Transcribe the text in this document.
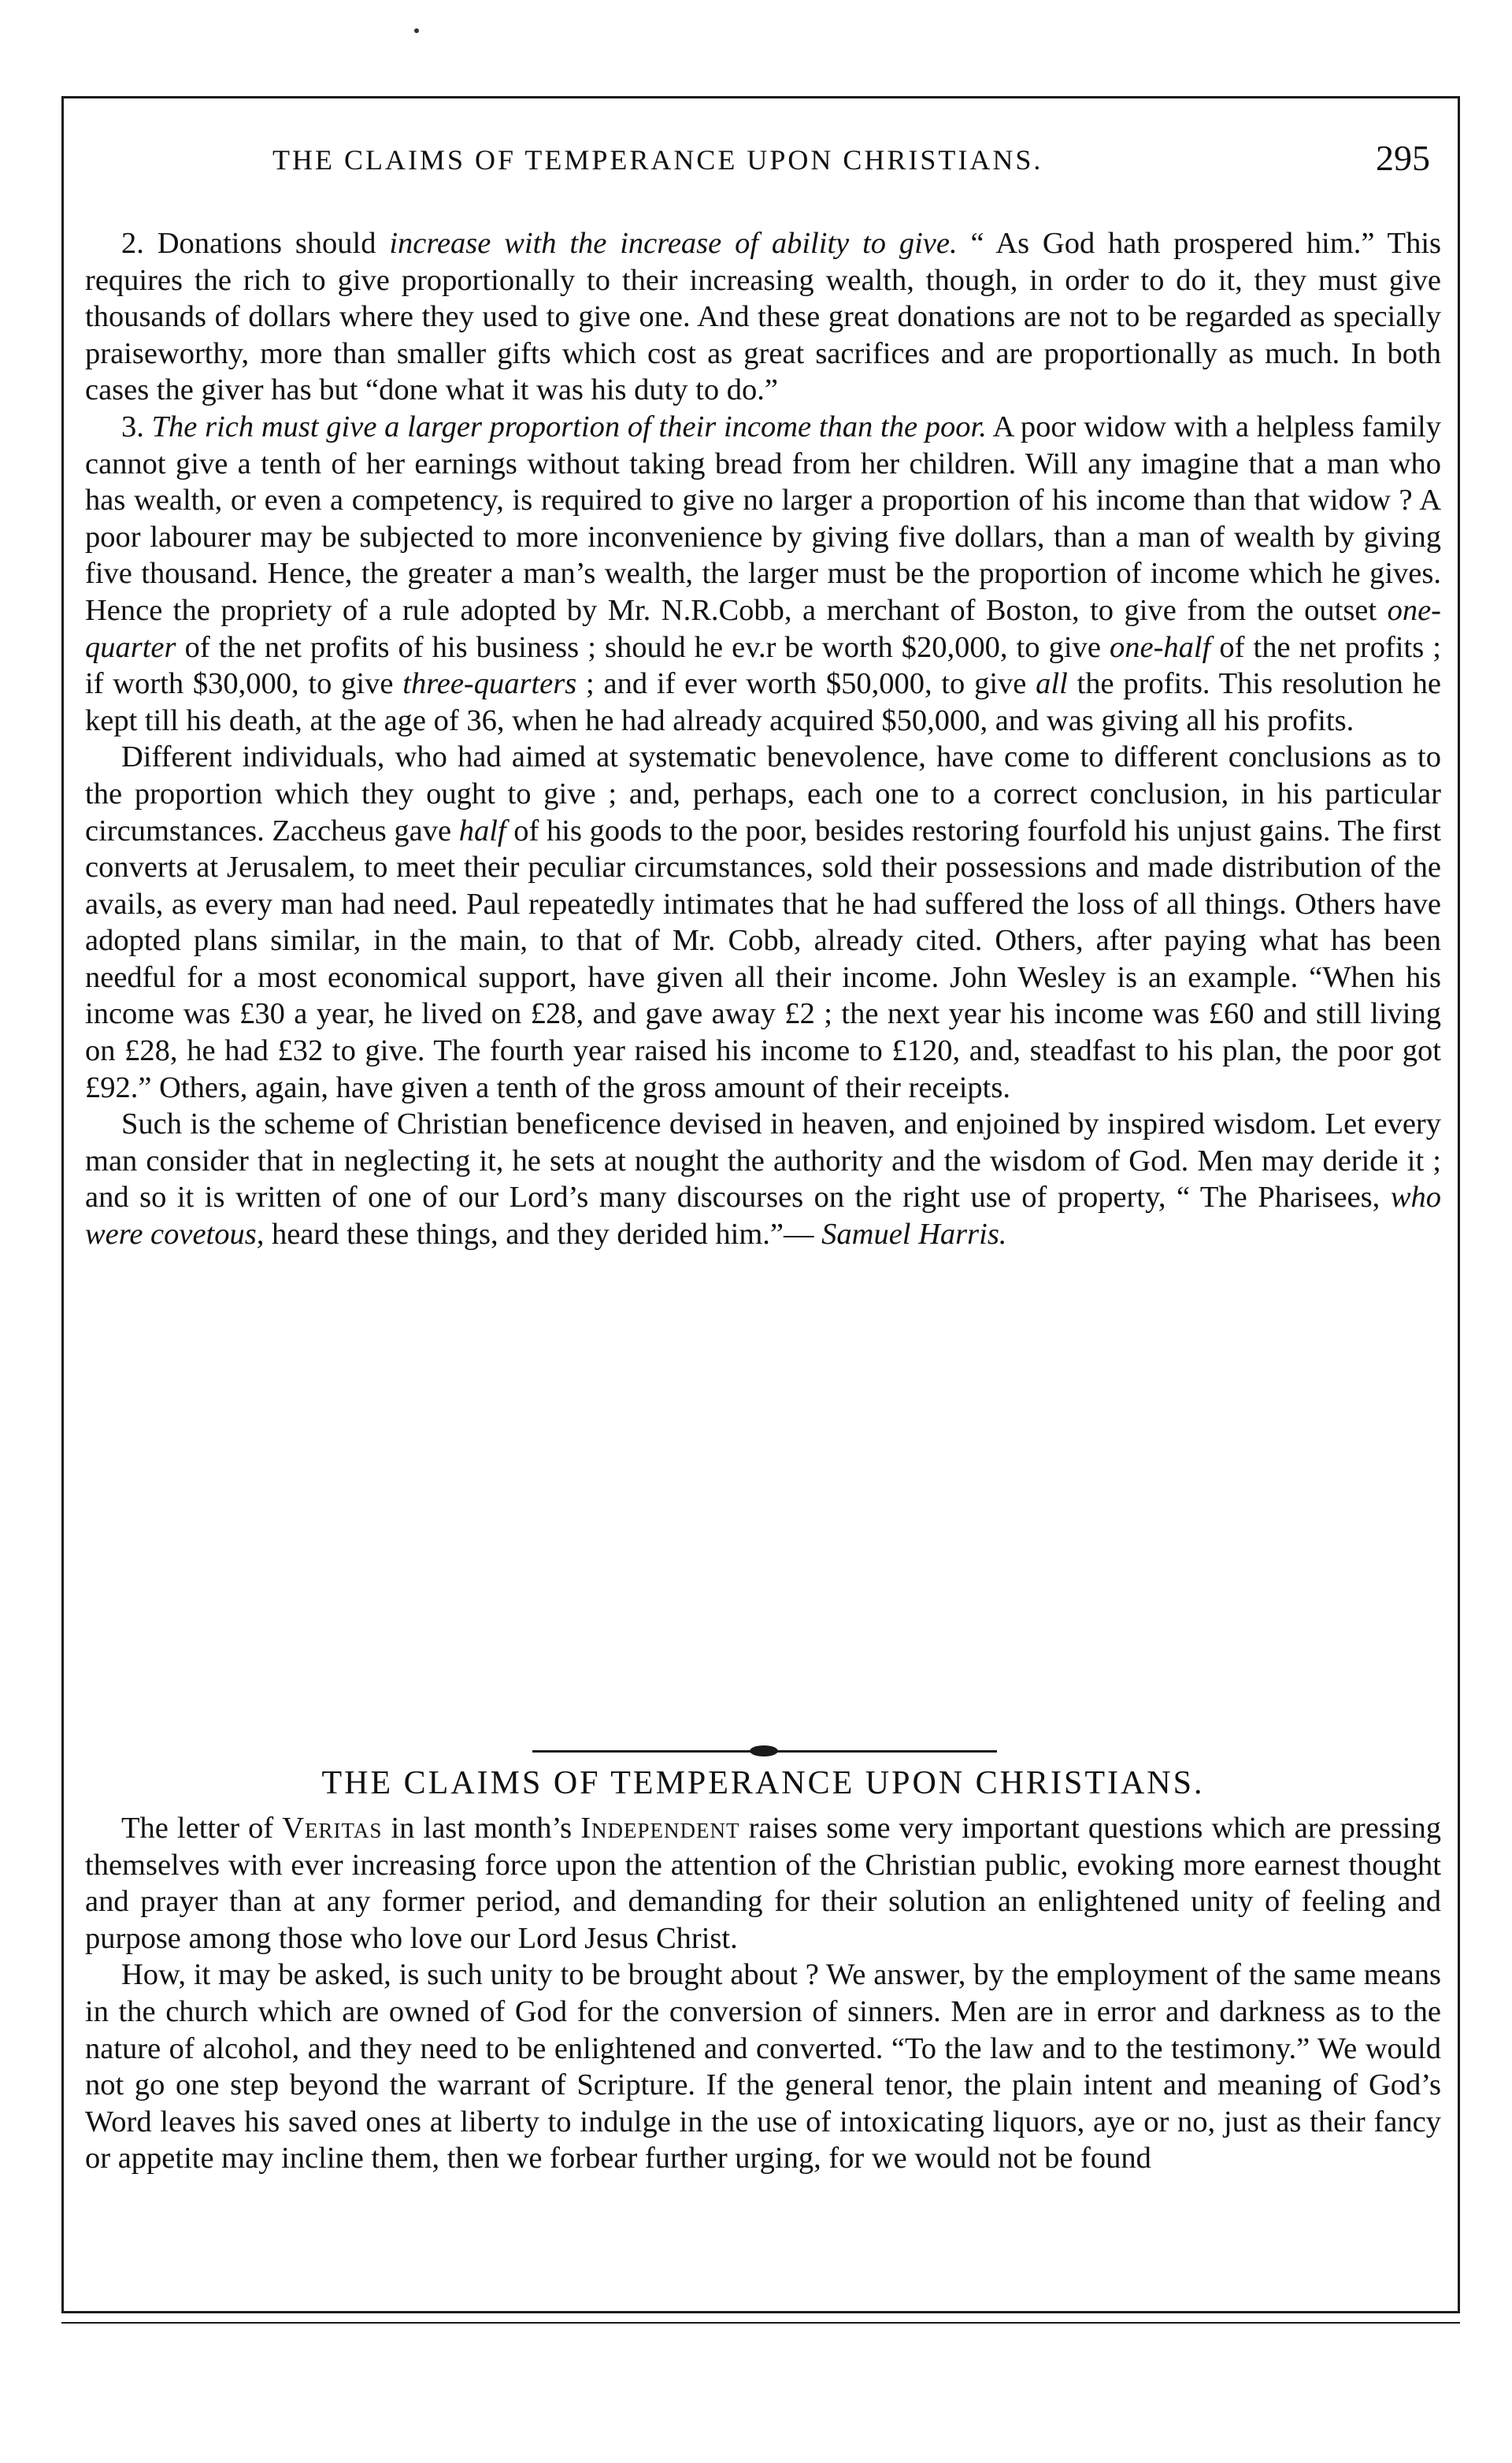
THE CLAIMS OF TEMPERANCE UPON CHRISTIANS.	295

2. Donations should increase with the increase of ability to give. “ As God hath prospered him.” This requires the rich to give proportionally to their increasing wealth, though, in order to do it, they must give thousands of dollars where they used to give one. And these great donations are not to be regarded as specially praiseworthy, more than smaller gifts which cost as great sacrifices and are proportionally as much. In both cases the giver has but “done what it was his duty to do.”

3. The rich must give a larger proportion of their income than the poor. A poor widow with a helpless family cannot give a tenth of her earnings without taking bread from her children. Will any imagine that a man who has wealth, or even a competency, is required to give no larger a proportion of his income than that widow ? A poor labourer may be subjected to more inconvenience by giving five dollars, than a man of wealth by giving five thousand. Hence, the greater a man’s wealth, the larger must be the proportion of income which he gives. Hence the propriety of a rule adopted by Mr. N.R.Cobb, a merchant of Boston, to give from the outset one-quarter of the net profits of his business ; should he ev.r be worth $20,000, to give one-half of the net profits ; if worth $30,000, to give three-quarters ; and if ever worth $50,000, to give all the profits. This resolution he kept till his death, at the age of 36, when he had already acquired $50,000, and was giving all his profits.

Different individuals, who had aimed at systematic benevolence, have come to different conclusions as to the proportion which they ought to give ; and, perhaps, each one to a correct conclusion, in his particular circumstances. Zaccheus gave half of his goods to the poor, besides restoring fourfold his unjust gains. The first converts at Jerusalem, to meet their peculiar circumstances, sold their possessions and made distribution of the avails, as every man had need. Paul repeatedly intimates that he had suffered the loss of all things. Others have adopted plans similar, in the main, to that of Mr. Cobb, already cited. Others, after paying what has been needful for a most economical support, have given all their income. John Wesley is an example. “When his income was £30 a year, he lived on £28, and gave away £2 ; the next year his income was £60 and still living on £28, he had £32 to give. The fourth year raised his income to £120, and, steadfast to his plan, the poor got £92.” Others, again, have given a tenth of the gross amount of their receipts.

Such is the scheme of Christian beneficence devised in heaven, and enjoined by inspired wisdom. Let every man consider that in neglecting it, he sets at nought the authority and the wisdom of God. Men may deride it ; and so it is written of one of our Lord’s many discourses on the right use of property, “ The Pharisees, who were covetous, heard these things, and they derided him.”— Samuel Harris.

THE CLAIMS OF TEMPERANCE UPON CHRISTIANS.

The letter of Veritas in last month’s Independent raises some very important questions which are pressing themselves with ever increasing force upon the attention of the Christian public, evoking more earnest thought and prayer than at any former period, and demanding for their solution an enlightened unity of feeling and purpose among those who love our Lord Jesus Christ.

How, it may be asked, is such unity to be brought about ? We answer, by the employment of the same means in the church which are owned of God for the conversion of sinners. Men are in error and darkness as to the nature of alcohol, and they need to be enlightened and converted. “To the law and to the testimony.” We would not go one step beyond the warrant of Scripture. If the general tenor, the plain intent and meaning of God’s Word leaves his saved ones at liberty to indulge in the use of intoxicating liquors, aye or no, just as their fancy or appetite may incline them, then we forbear further urging, for we would not be found
